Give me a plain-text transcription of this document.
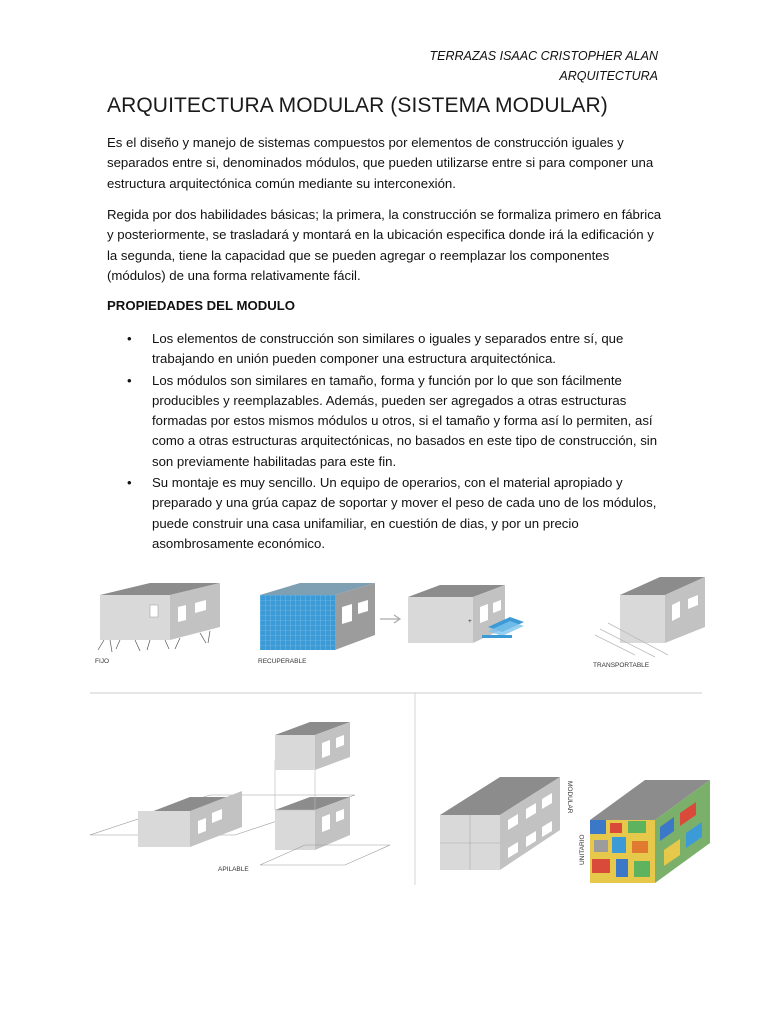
TERRAZAS ISAAC CRISTOPHER ALAN
ARQUITECTURA
ARQUITECTURA MODULAR (SISTEMA MODULAR)

Es el diseño y manejo de sistemas compuestos por elementos de construcción iguales y separados entre si, denominados módulos, que pueden utilizarse entre si para componer una estructura arquitectónica común mediante su interconexión.

Regida por dos habilidades básicas; la primera, la construcción se formaliza primero en fábrica y posteriormente, se trasladará y montará en la ubicación especifica donde irá la edificación y la segunda, tiene la capacidad que se pueden agregar o reemplazar los componentes (módulos) de una forma relativamente fácil.

PROPIEDADES DEL MODULO
• Los elementos de construcción son similares o iguales y separados entre sí, que trabajando en unión pueden componer una estructura arquitectónica.
• Los módulos son similares en tamaño, forma y función por lo que son fácilmente producibles y reemplazables. Además, pueden ser agregados a otras estructuras formadas por estos mismos módulos u otros, si el tamaño y forma así lo permiten, así como a otras estructuras arquitectónicas, no basados en este tipo de construcción, sin son previamente habilitadas para este fin.
• Su montaje es muy sencillo. Un equipo de operarios, con el material apropiado y preparado y una grúa capaz de soportar y mover el peso de cada uno de los módulos, puede construir una casa unifamiliar, en cuestión de dias, y por un precio asombrosamente económico.
FIJO	RECUPERABLE
+
TRANSPORTABLE
APILABLE
MODULAR
UNITARIO
